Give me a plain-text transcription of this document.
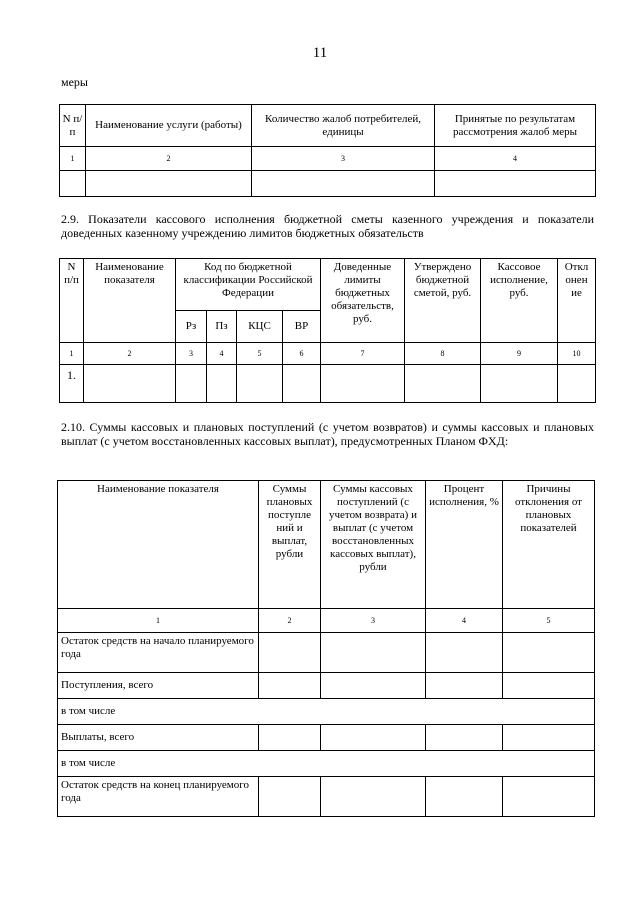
11
меры
N п/п	Наименование услуги (работы)	Количество жалоб потребителей, единицы	Принятые по результатам рассмотрения жалоб меры
1	2	3	4

2.9. Показатели кассового исполнения бюджетной сметы казенного учреждения и показатели доведенных казенному учреждению лимитов бюджетных обязательств
N п/п	Наименование показателя	Код по бюджетной классификации Российской Федерации				Доведенные лимиты бюджетных обязательств, руб.	Утверждено бюджетной сметой, руб.	Кассовое исполнение, руб.	Откл онен ие
		Рз	Пз	КЦС	ВР				
1	2	3	4	5	6	7	8	9	10
1.									
2.10. Суммы кассовых и плановых поступлений (с учетом возвратов) и суммы кассовых и плановых выплат (с учетом восстановленных кассовых выплат), предусмотренных Планом ФХД:
Наименование показателя	Суммы плановых поступле ний и выплат, рубли	Суммы кассовых поступлений (с учетом возврата) и выплат (с учетом восстановленных кассовых выплат), рубли	Процент исполнения, %	Причины отклонения от плановых показателей
1	2	3	4	5
Остаток средств на начало планируемого года				
Поступления, всего				
в том числе				
Выплаты, всего				
в том числе				
Остаток средств на конец планируемого года				
